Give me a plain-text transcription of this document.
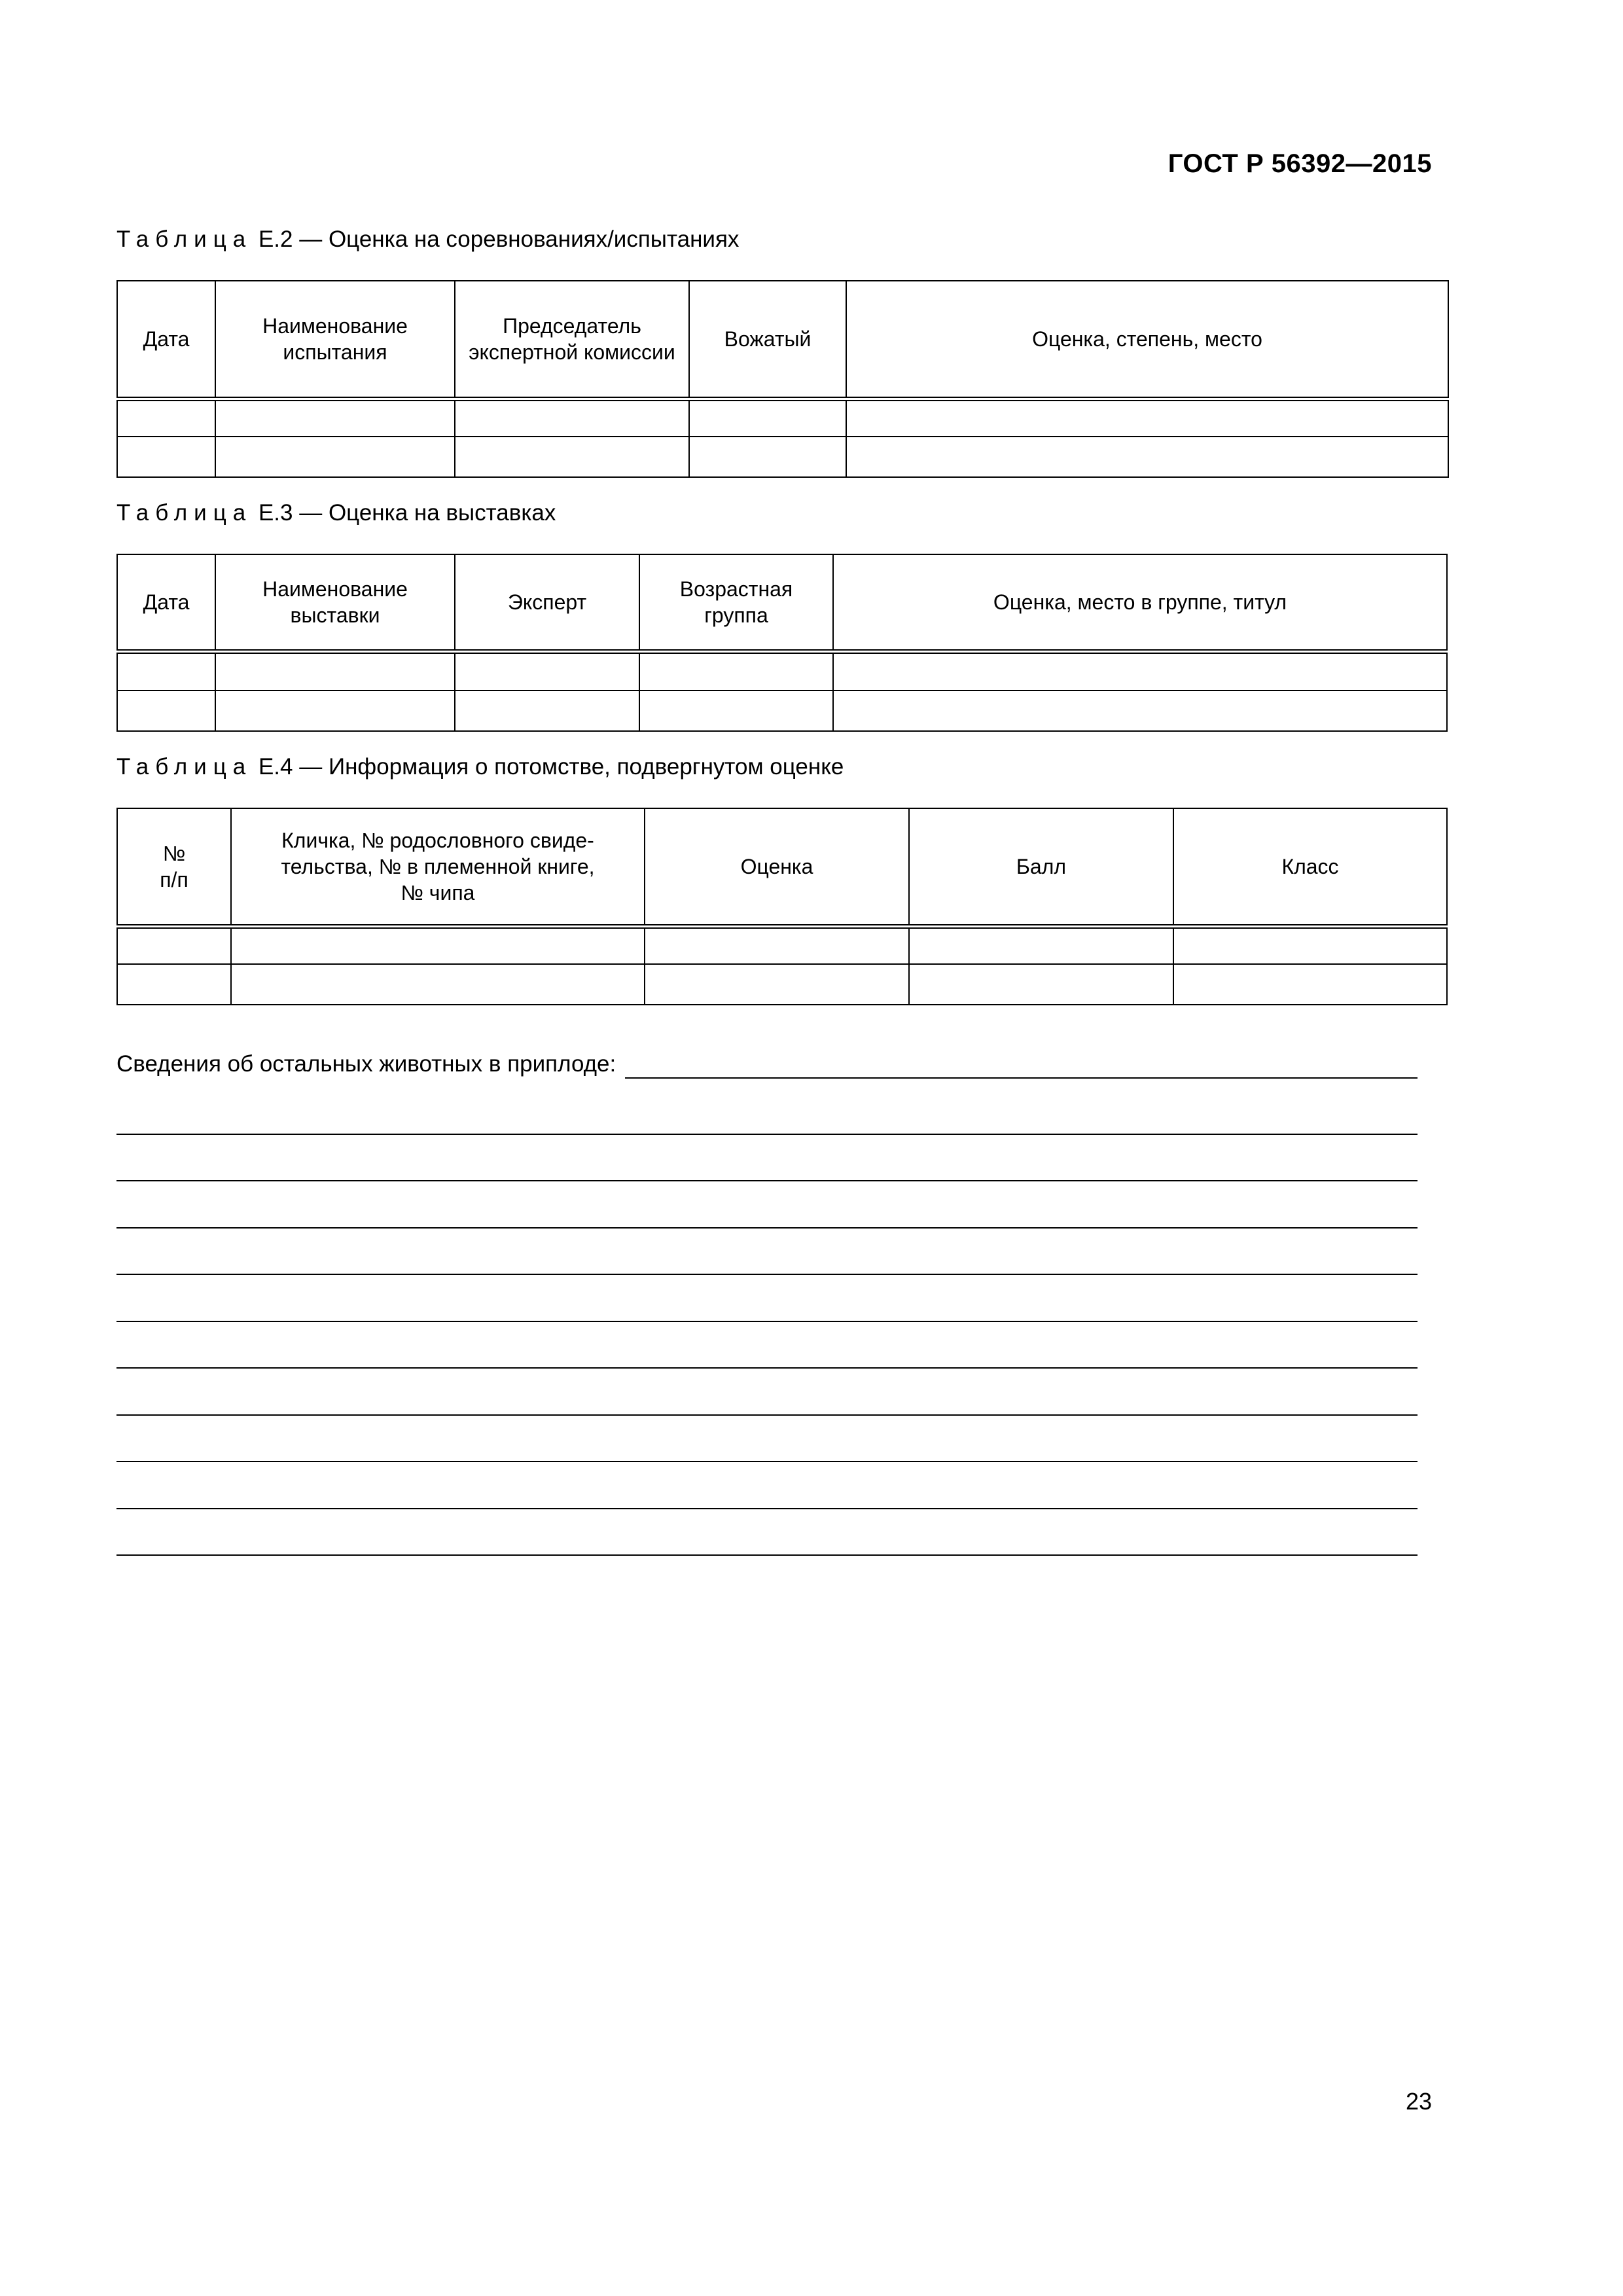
ГОСТ Р 56392—2015
Таблица Е.2 — Оценка на соревнованиях/испытаниях
Дата	Наименование испытания	Председатель экспертной комиссии	Вожатый	Оценка, степень, место

Таблица Е.3 — Оценка на выставках
Дата	Наименование выставки	Эксперт	Возрастная группа	Оценка, место в группе, титул

Таблица Е.4 — Информация о потомстве, подвергнутом оценке
№ п/п	Кличка, № родословного свиде-тельства, № в племенной книге, № чипа	Оценка	Балл	Класс

Сведения об остальных животных в приплоде:
23
